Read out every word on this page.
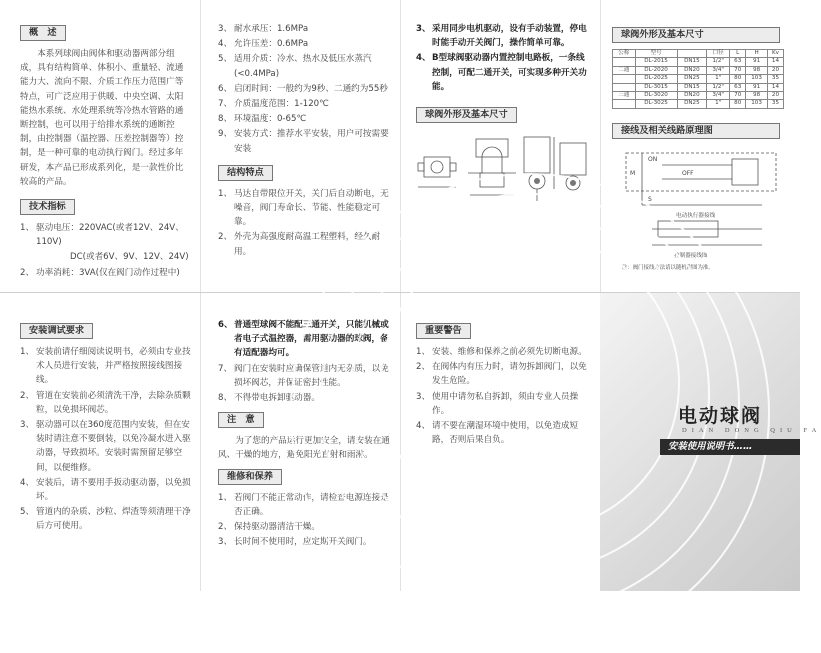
概　述

本系列球阀由阀体和驱动器两部分组成，具有结构简单、体积小、重量轻、流通能力大、流向不限、介质工作压力范围广等特点，可广泛应用于供暖、中央空调、太阳能热水系统、水处理系统等冷热水管路的通断控制，也可以用于给排水系统的通断控制，由控制器（温控器、压差控制器等）控制，是一种可靠的电动执行阀门。经过多年研发，本产品已形成系列化，是一款性价比较高的产品。

技术指标
1、 驱动电压：220VAC(或者12V、24V、110V)
DC(或者6V、9V、12V、24V)
2、 功率消耗：3VA(仅在阀门动作过程中)
3、 耐水承压：1.6MPa
4、 允许压差：0.6MPa
5、 适用介质：冷水、热水及低压水蒸汽(<0.4MPa)
6、 启闭时间：一般约为9秒、二通约为55秒
7、 介质温度范围：1-120℃
8、 环境温度：0-65℃
9、 安装方式：推荐水平安装，用户可按需要安装
结构特点
1、 马达自带限位开关，关门后自动断电，无噪音，阀门寿命长、节能、性能稳定可靠。
2、 外壳为高强度耐高温工程塑料，经久耐用。
3、 采用同步电机驱动，设有手动装置，停电时能手动开关阀门，操作简单可靠。
4、 B型球阀驱动器内置控制电路板，一条线控制，可配二通开关，可实现多种开关功能。
球阀外形及基本尺寸
球阀外形及基本尺寸
公称	型号		口径	L	H	Kv
	DL-2015	DN15	1/2"	63	91	14
二通	DL-2020	DN20	3/4"	70	98	20
	DL-2025	DN25	1"	80	103	35
	DL-3015	DN15	1/2"	63	91	14
三通	DL-3020	DN20	3/4"	70	98	20
	DL-3025	DN25	1"	80	103	35
接线及相关线路原理图
ON
M	OFF
S
电动执行器接线
控制器接线图
注：阀门接线方法请以随机附图为准。
安装调试要求
1、 安装前请仔细阅读说明书，必须由专业技术人员进行安装，并严格按照接线图接线。
2、 管道在安装前必须清洗干净，去除杂质颗粒，以免损坏阀芯。
3、 驱动器可以在360度范围内安装，但在安装时请注意不要倒装，以免冷凝水进入驱动器，导致损坏。安装时需预留足够空间，以便维修。
4、 安装后，请不要用手扳动驱动器，以免损坏。
5、 管道内的杂质、沙粒、焊渣等须清理干净后方可使用。
6、 普通型球阀不能配三通开关，只能机械或者电子式温控器，需用驱动器的球阀，备有适配器均可。
7、 阀门在安装时应确保管道内无杂质，以免损坏阀芯，并保证密封性能。
8、 不得带电拆卸驱动器。
注　意

为了您的产品运行更加安全，请安装在通风、干燥的地方，避免阳光直射和雨淋。

维修和保养
1、 若阀门不能正常动作，请检查电源连接是否正确。
2、 保持驱动器清洁干燥。
3、 长时间不使用时，应定期开关阀门。
重要警告
1、 安装、维修和保养之前必须先切断电源。
2、 在阀体内有压力时，请勿拆卸阀门，以免发生危险。
3、 使用中请勿私自拆卸，须由专业人员操作。
4、 请不要在潮湿环境中使用，以免造成短路，否则后果自负。
电动球阀
DIAN DONG QIU FA
安装使用说明书……
